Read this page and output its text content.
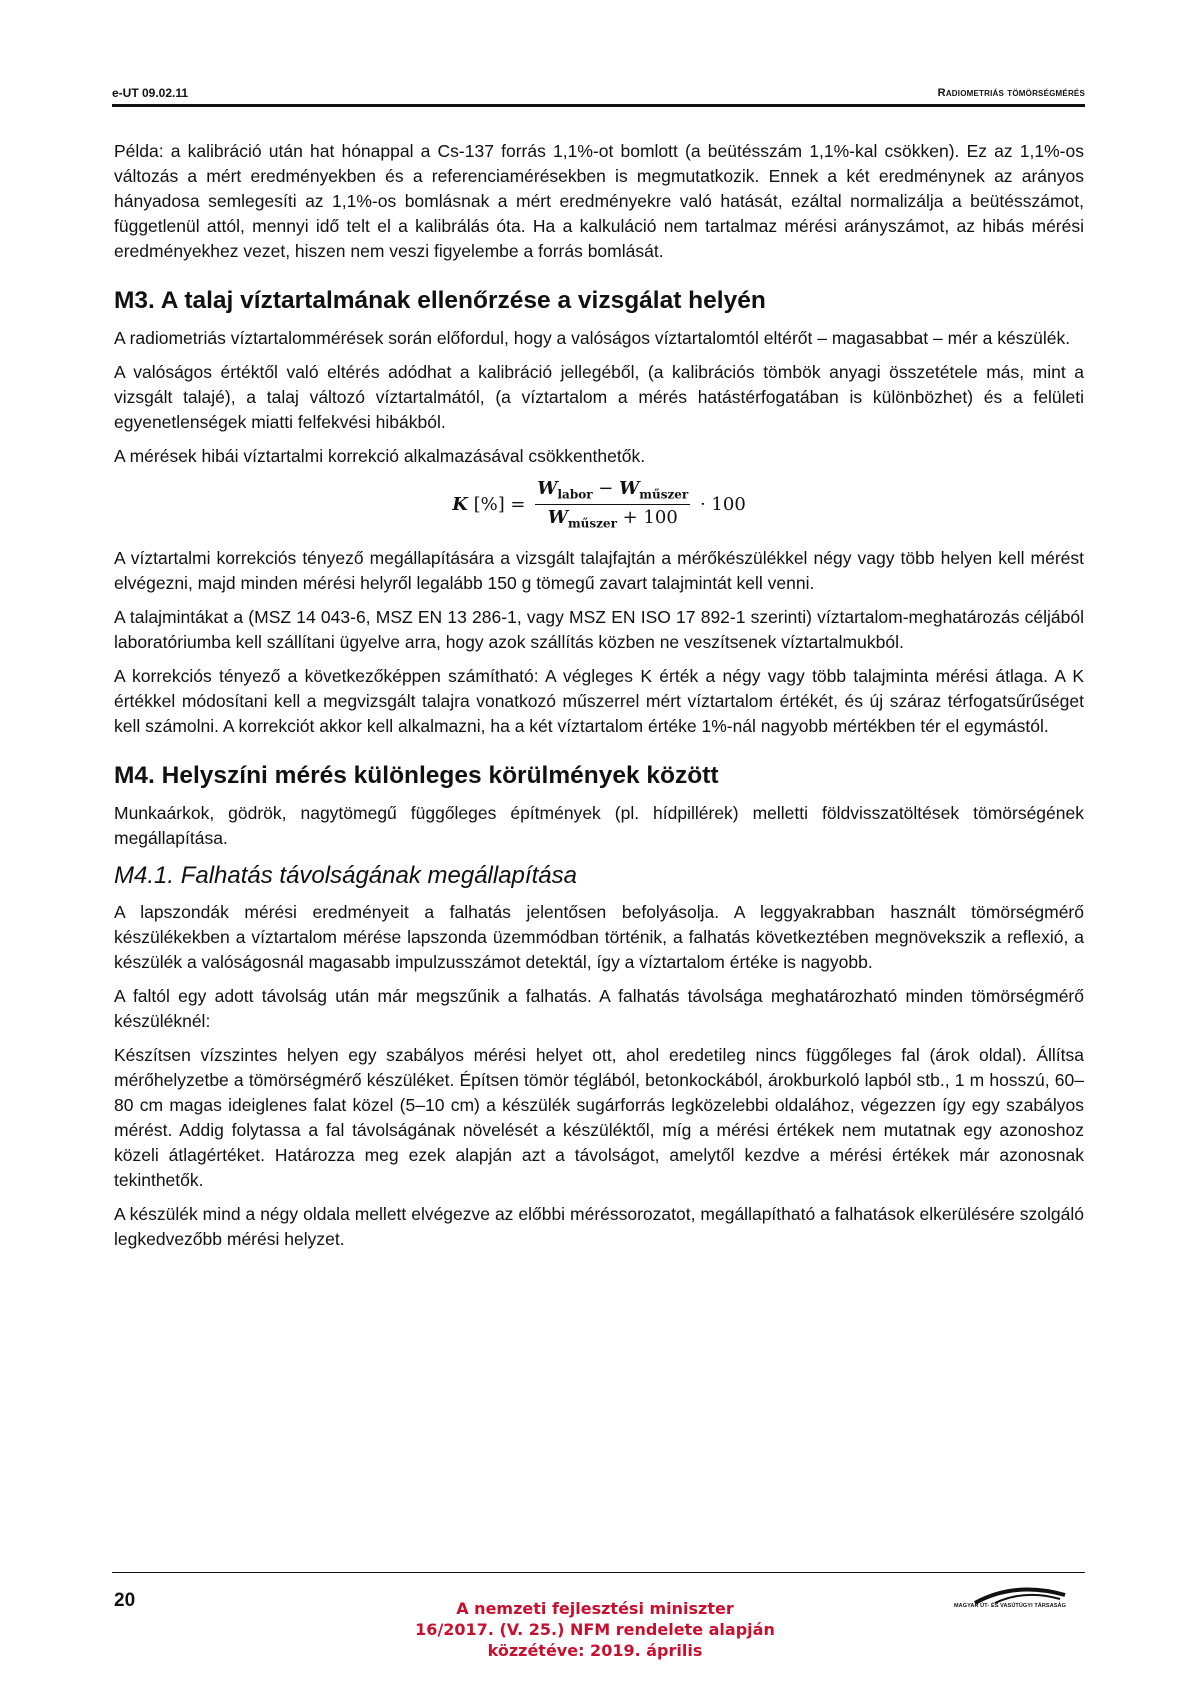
e-UT 09.02.11	Radiometriás tömörségmérés

Példa: a kalibráció után hat hónappal a Cs-137 forrás 1,1%-ot bomlott (a beütésszám 1,1%-kal csökken). Ez az 1,1%-os változás a mért eredményekben és a referenciamérésekben is megmutatkozik. Ennek a két eredménynek az arányos hányadosa semlegesíti az 1,1%-os bomlásnak a mért eredményekre való hatását, ezáltal normalizálja a beütésszámot, függetlenül attól, mennyi idő telt el a kalibrálás óta. Ha a kalkuláció nem tartalmaz mérési arányszámot, az hibás mérési eredményekhez vezet, hiszen nem veszi figyelembe a forrás bomlását.

M3. A talaj víztartalmának ellenőrzése a vizsgálat helyén

A radiometriás víztartalommérések során előfordul, hogy a valóságos víztartalomtól eltérőt – magasabbat – mér a készülék.

A valóságos értéktől való eltérés adódhat a kalibráció jellegéből, (a kalibrációs tömbök anyagi összetétele más, mint a vizsgált talajé), a talaj változó víztartalmától, (a víztartalom a mérés hatástérfogatában is különbözhet) és a felületi egyenetlenségek miatti felfekvési hibákból.

A mérések hibái víztartalmi korrekció alkalmazásával csökkenthetők.

K [%] = $\frac{W_{labor} - W_{műszer}}{W_{műszer} + 100} \cdot 100$

A víztartalmi korrekciós tényező megállapítására a vizsgált talajfajtán a mérőkészülékkel négy vagy több helyen kell mérést elvégezni, majd minden mérési helyről legalább 150 g tömegű zavart talajmintát kell venni.

A talajmintákat a (MSZ 14 043-6, MSZ EN 13 286-1, vagy MSZ EN ISO 17 892-1 szerinti) víztartalom-meghatározás céljából laboratóriumba kell szállítani ügyelve arra, hogy azok szállítás közben ne veszítsenek víztartalmukból.

A korrekciós tényező a következőképpen számítható: A végleges K érték a négy vagy több talajminta mérési átlaga. A K értékkel módosítani kell a megvizsgált talajra vonatkozó műszerrel mért víztartalom értékét, és új száraz térfogatsűrűséget kell számolni. A korrekciót akkor kell alkalmazni, ha a két víztartalom értéke 1%-nál nagyobb mértékben tér el egymástól.

M4. Helyszíni mérés különleges körülmények között

Munkaárkok, gödrök, nagytömegű függőleges építmények (pl. hídpillérek) melletti földvisszatöltések tömörségének megállapítása.

M4.1. Falhatás távolságának megállapítása

A lapszondák mérési eredményeit a falhatás jelentősen befolyásolja. A leggyakrabban használt tömörségmérő készülékekben a víztartalom mérése lapszonda üzemmódban történik, a falhatás következtében megnövekszik a reflexió, a készülék a valóságosnál magasabb impulzusszámot detektál, így a víztartalom értéke is nagyobb.

A faltól egy adott távolság után már megszűnik a falhatás. A falhatás távolsága meghatározható minden tömörségmérő készüléknél:

Készítsen vízszintes helyen egy szabályos mérési helyet ott, ahol eredetileg nincs függőleges fal (árok oldal). Állítsa mérőhelyzetbe a tömörségmérő készüléket. Építsen tömör téglából, betonkockából, árokburkoló lapból stb., 1 m hosszú, 60–80 cm magas ideiglenes falat közel (5–10 cm) a készülék sugárforrás legközelebbi oldalához, végezzen így egy szabályos mérést. Addig folytassa a fal távolságának növelését a készüléktől, míg a mérési értékek nem mutatnak egy azonoshoz közeli átlagértéket. Határozza meg ezek alapján azt a távolságot, amelytől kezdve a mérési értékek már azonosnak tekinthetők.

A készülék mind a négy oldala mellett elvégezve az előbbi méréssorozatot, megállapítható a falhatások elkerülésére szolgáló legkedvezőbb mérési helyzet.

20	A nemzeti fejlesztési miniszter
16/2017. (V. 25.) NFM rendelete alapján
közzétéve: 2019. április
MAGYAR ÚT- ÉS VASÚTÜGYI TÁRSASÁG
